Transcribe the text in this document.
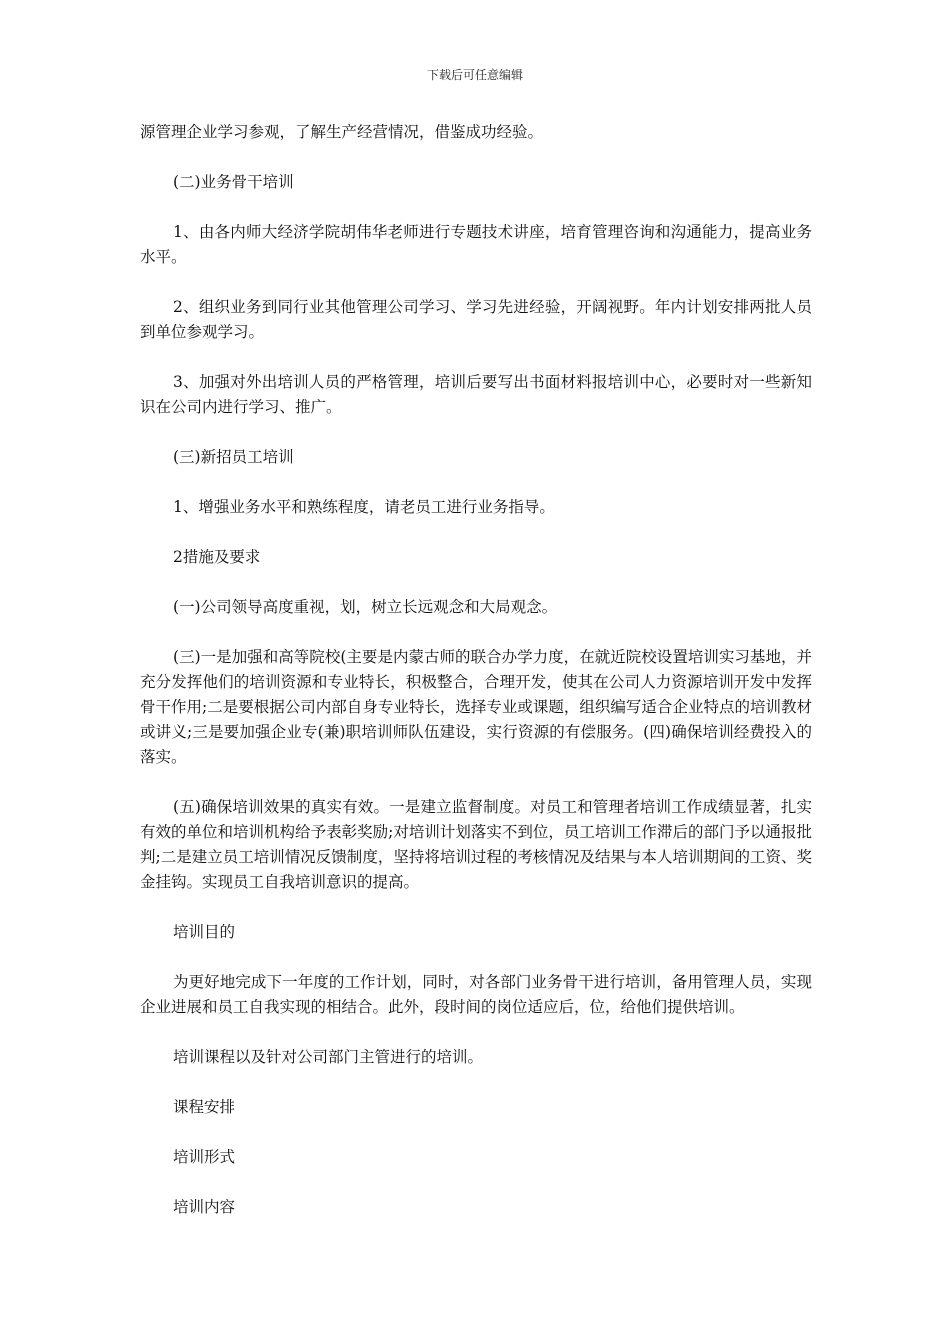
下载后可任意编辑

源管理企业学习参观，了解生产经营情况，借鉴成功经验。

(二)业务骨干培训

1、由各内师大经济学院胡伟华老师进行专题技术讲座，培育管理咨询和沟通能力，提高业务水平。

2、组织业务到同行业其他管理公司学习、学习先进经验，开阔视野。年内计划安排两批人员到单位参观学习。

3、加强对外出培训人员的严格管理，培训后要写出书面材料报培训中心，必要时对一些新知识在公司内进行学习、推广。

(三)新招员工培训

1、增强业务水平和熟练程度，请老员工进行业务指导。

2措施及要求

(一)公司领导高度重视，划，树立长远观念和大局观念。

(三)一是加强和高等院校(主要是内蒙古师的联合办学力度，在就近院校设置培训实习基地，并充分发挥他们的培训资源和专业特长，积极整合，合理开发，使其在公司人力资源培训开发中发挥骨干作用;二是要根据公司内部自身专业特长，选择专业或课题，组织编写适合企业特点的培训教材或讲义;三是要加强企业专(兼)职培训师队伍建设，实行资源的有偿服务。(四)确保培训经费投入的落实。

(五)确保培训效果的真实有效。一是建立监督制度。对员工和管理者培训工作成绩显著，扎实有效的单位和培训机构给予表彰奖励;对培训计划落实不到位，员工培训工作滞后的部门予以通报批判;二是建立员工培训情况反馈制度，坚持将培训过程的考核情况及结果与本人培训期间的工资、奖金挂钩。实现员工自我培训意识的提高。

培训目的

为更好地完成下一年度的工作计划，同时，对各部门业务骨干进行培训，备用管理人员，实现企业进展和员工自我实现的相结合。此外，段时间的岗位适应后，位，给他们提供培训。

培训课程以及针对公司部门主管进行的培训。

课程安排

培训形式

培训内容
